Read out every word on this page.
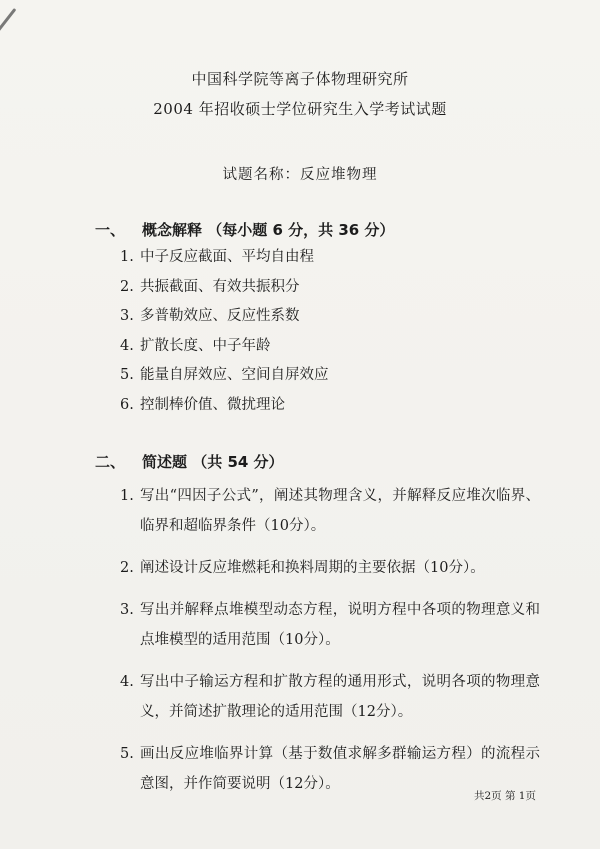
中国科学院等离子体物理研究所
2004 年招收硕士学位研究生入学考试试题
试题名称：反应堆物理
一、 概念解释 （每小题 6 分，共 36 分）
1. 中子反应截面、平均自由程
2. 共振截面、有效共振积分
3. 多普勒效应、反应性系数
4. 扩散长度、中子年龄
5. 能量自屏效应、空间自屏效应
6. 控制棒价值、微扰理论
二、 简述题 （共 54 分）
1. 写出“四因子公式”，阐述其物理含义，并解释反应堆次临界、临界和超临界条件（10分）。
2. 阐述设计反应堆燃耗和换料周期的主要依据（10分）。
3. 写出并解释点堆模型动态方程，说明方程中各项的物理意义和点堆模型的适用范围（10分）。
4. 写出中子输运方程和扩散方程的通用形式，说明各项的物理意义，并简述扩散理论的适用范围（12分）。
5. 画出反应堆临界计算（基于数值求解多群输运方程）的流程示意图，并作简要说明（12分）。
共2页 第 1页
